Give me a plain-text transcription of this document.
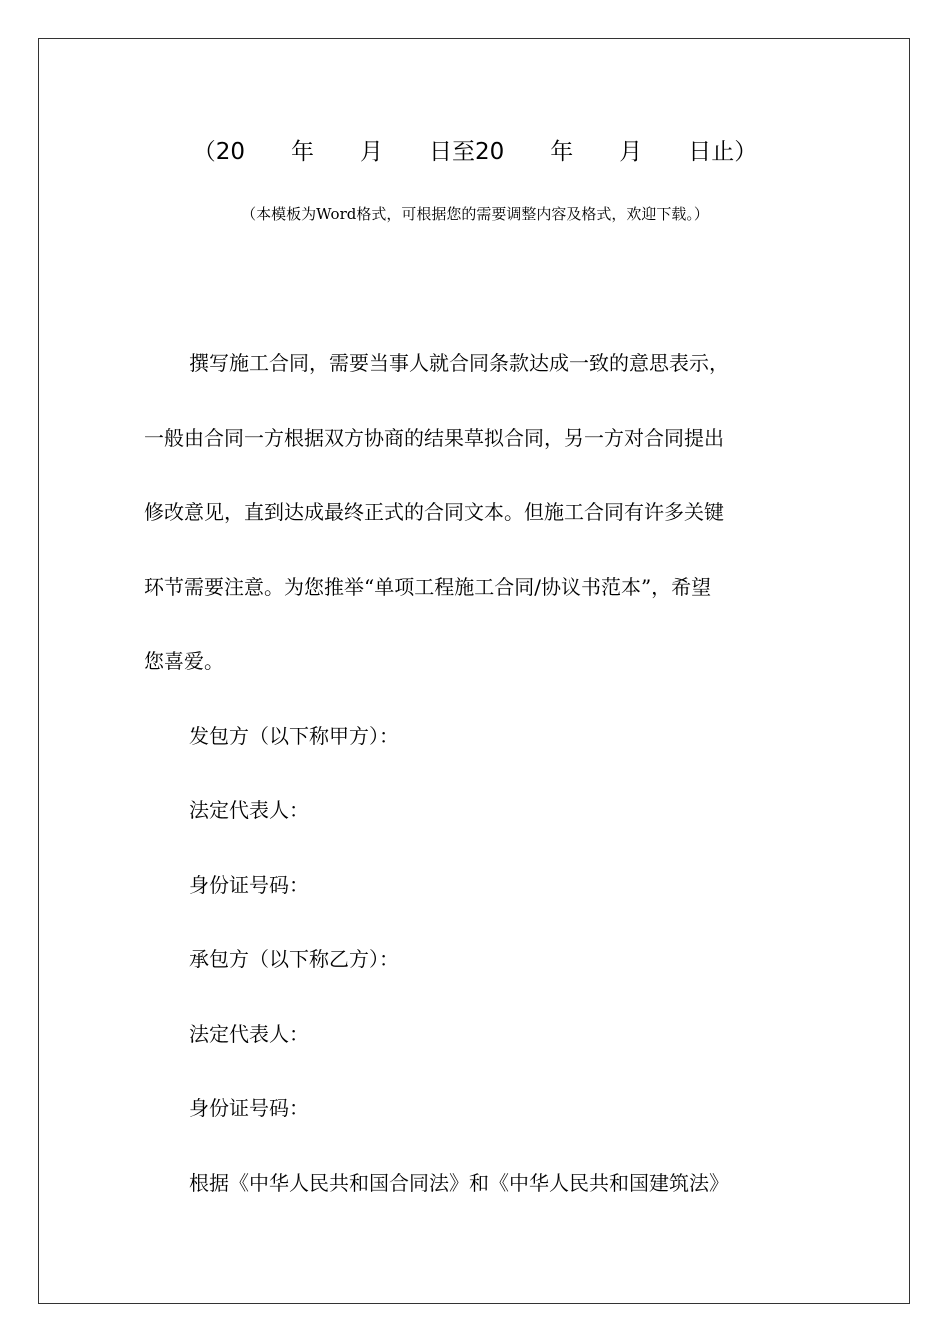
（20　　年　　月　　日至20　　年　　月　　日止）
（本模板为Word格式，可根据您的需要调整内容及格式，欢迎下载。）
撰写施工合同，需要当事人就合同条款达成一致的意思表示，
一般由合同一方根据双方协商的结果草拟合同，另一方对合同提出
修改意见，直到达成最终正式的合同文本。但施工合同有许多关键
环节需要注意。为您推举“单项工程施工合同/协议书范本”，希望
您喜爱。
发包方（以下称甲方）：
法定代表人：
身份证号码：
承包方（以下称乙方）：
法定代表人：
身份证号码：
根据《中华人民共和国合同法》和《中华人民共和国建筑法》
